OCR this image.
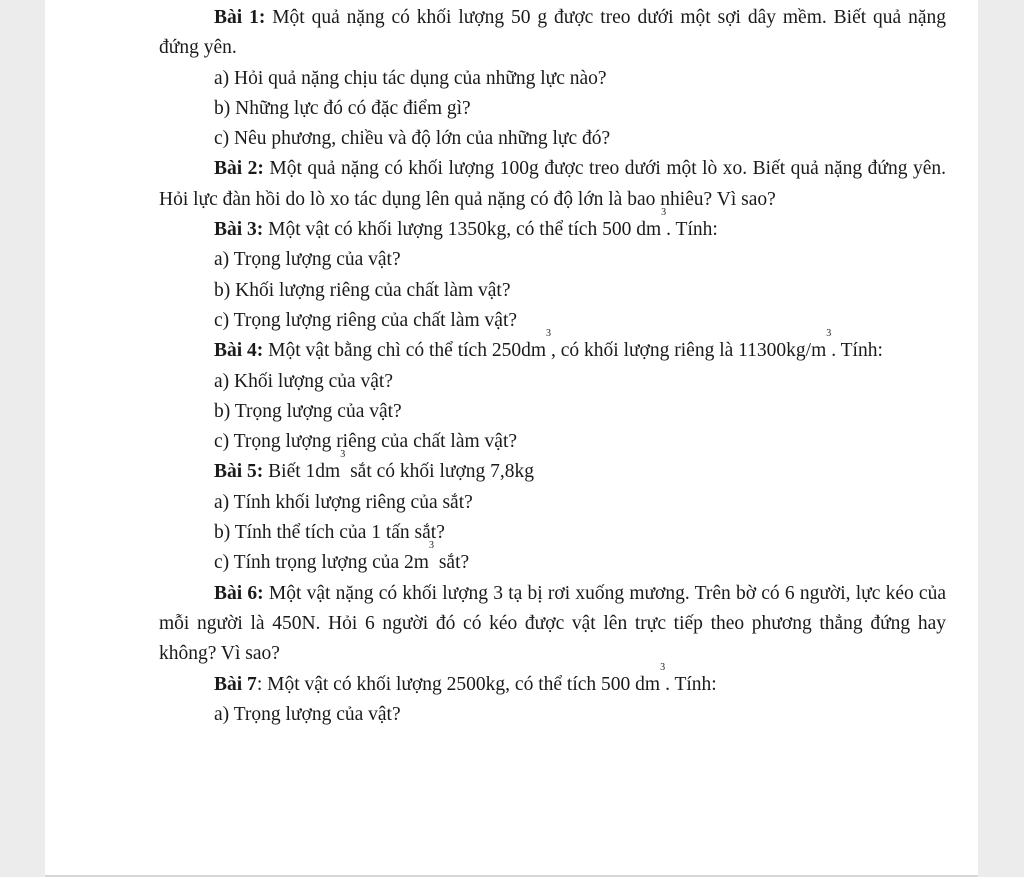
Bài 1: Một quả nặng có khối lượng 50 g được treo dưới một sợi dây mềm. Biết quả nặng đứng yên.

a) Hỏi quả nặng chịu tác dụng của những lực nào?

b) Những lực đó có đặc điểm gì?

c) Nêu phương, chiều và độ lớn của những lực đó?

Bài 2: Một quả nặng có khối lượng 100g được treo dưới một lò xo. Biết quả nặng đứng yên. Hỏi lực đàn hồi do lò xo tác dụng lên quả nặng có độ lớn là bao nhiêu? Vì sao?

Bài 3: Một vật có khối lượng 1350kg, có thể tích 500 $dm^3$. Tính:

a) Trọng lượng của vật?

b) Khối lượng riêng của chất làm vật?

c) Trọng lượng riêng của chất làm vật?

Bài 4: Một vật bằng chì có thể tích $250dm^3$, có khối lượng riêng là $11300kg/m^3$. Tính:

a) Khối lượng của vật?

b) Trọng lượng của vật?

c) Trọng lượng riêng của chất làm vật?

Bài 5: Biết $1dm^3$ sắt có khối lượng 7,8kg

a) Tính khối lượng riêng của sắt?

b) Tính thể tích của 1 tấn sắt?

c) Tính trọng lượng của $2m^3$ sắt?

Bài 6: Một vật nặng có khối lượng 3 tạ bị rơi xuống mương. Trên bờ có 6 người, lực kéo của mỗi người là 450N. Hỏi 6 người đó có kéo được vật lên trực tiếp theo phương thẳng đứng hay không? Vì sao?

Bài 7: Một vật có khối lượng 2500kg, có thể tích 500 $dm^3$. Tính:

a) Trọng lượng của vật?
